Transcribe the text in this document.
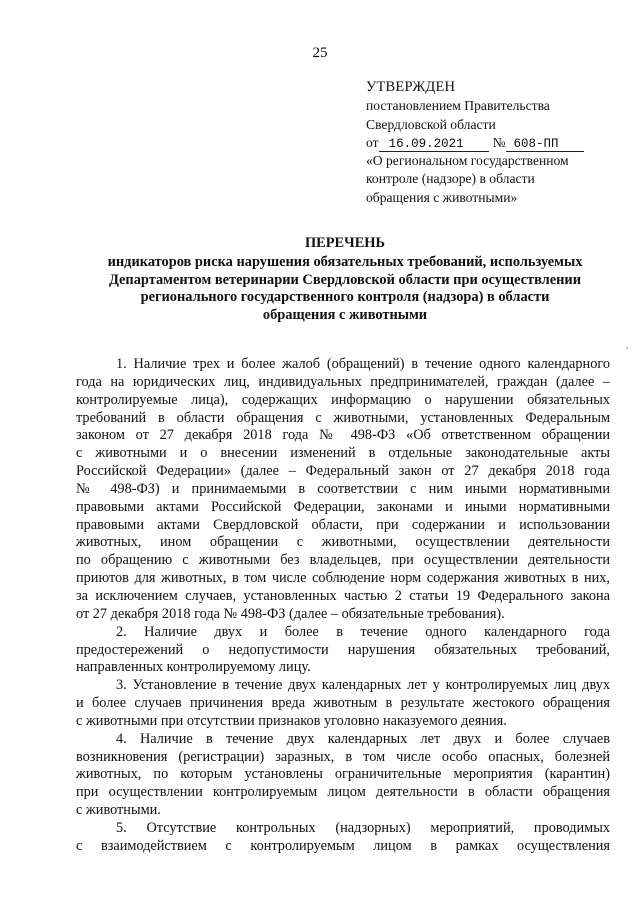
25
УТВЕРЖДЕН
постановлением Правительства
Свердловской области
от 16.09.2021 № 608-ПП
«О региональном государственном
контроле (надзоре) в области
обращения с животными»
ПЕРЕЧЕНЬ
индикаторов риска нарушения обязательных требований, используемых
Департаментом ветеринарии Свердловской области при осуществлении
регионального государственного контроля (надзора) в области
обращения с животными
1. Наличие трех и более жалоб (обращений) в течение одного календарного
года на юридических лиц, индивидуальных предпринимателей, граждан (далее –
контролируемые лица), содержащих информацию о нарушении обязательных
требований в области обращения с животными, установленных Федеральным
законом от 27 декабря 2018 года № 498-ФЗ «Об ответственном обращении
с животными и о внесении изменений в отдельные законодательные акты
Российской Федерации» (далее – Федеральный закон от 27 декабря 2018 года
№ 498-ФЗ) и принимаемыми в соответствии с ним иными нормативными
правовыми актами Российской Федерации, законами и иными нормативными
правовыми актами Свердловской области, при содержании и использовании
животных, ином обращении с животными, осуществлении деятельности
по обращению с животными без владельцев, при осуществлении деятельности
приютов для животных, в том числе соблюдение норм содержания животных в них,
за исключением случаев, установленных частью 2 статьи 19 Федерального закона
от 27 декабря 2018 года № 498-ФЗ (далее – обязательные требования).
2. Наличие двух и более в течение одного календарного года
предостережений о недопустимости нарушения обязательных требований,
направленных контролируемому лицу.
3. Установление в течение двух календарных лет у контролируемых лиц двух
и более случаев причинения вреда животным в результате жестокого обращения
с животными при отсутствии признаков уголовно наказуемого деяния.
4. Наличие в течение двух календарных лет двух и более случаев
возникновения (регистрации) заразных, в том числе особо опасных, болезней
животных, по которым установлены ограничительные мероприятия (карантин)
при осуществлении контролируемым лицом деятельности в области обращения
с животными.
5. Отсутствие контрольных (надзорных) мероприятий, проводимых
с взаимодействием с контролируемым лицом в рамках осуществления
